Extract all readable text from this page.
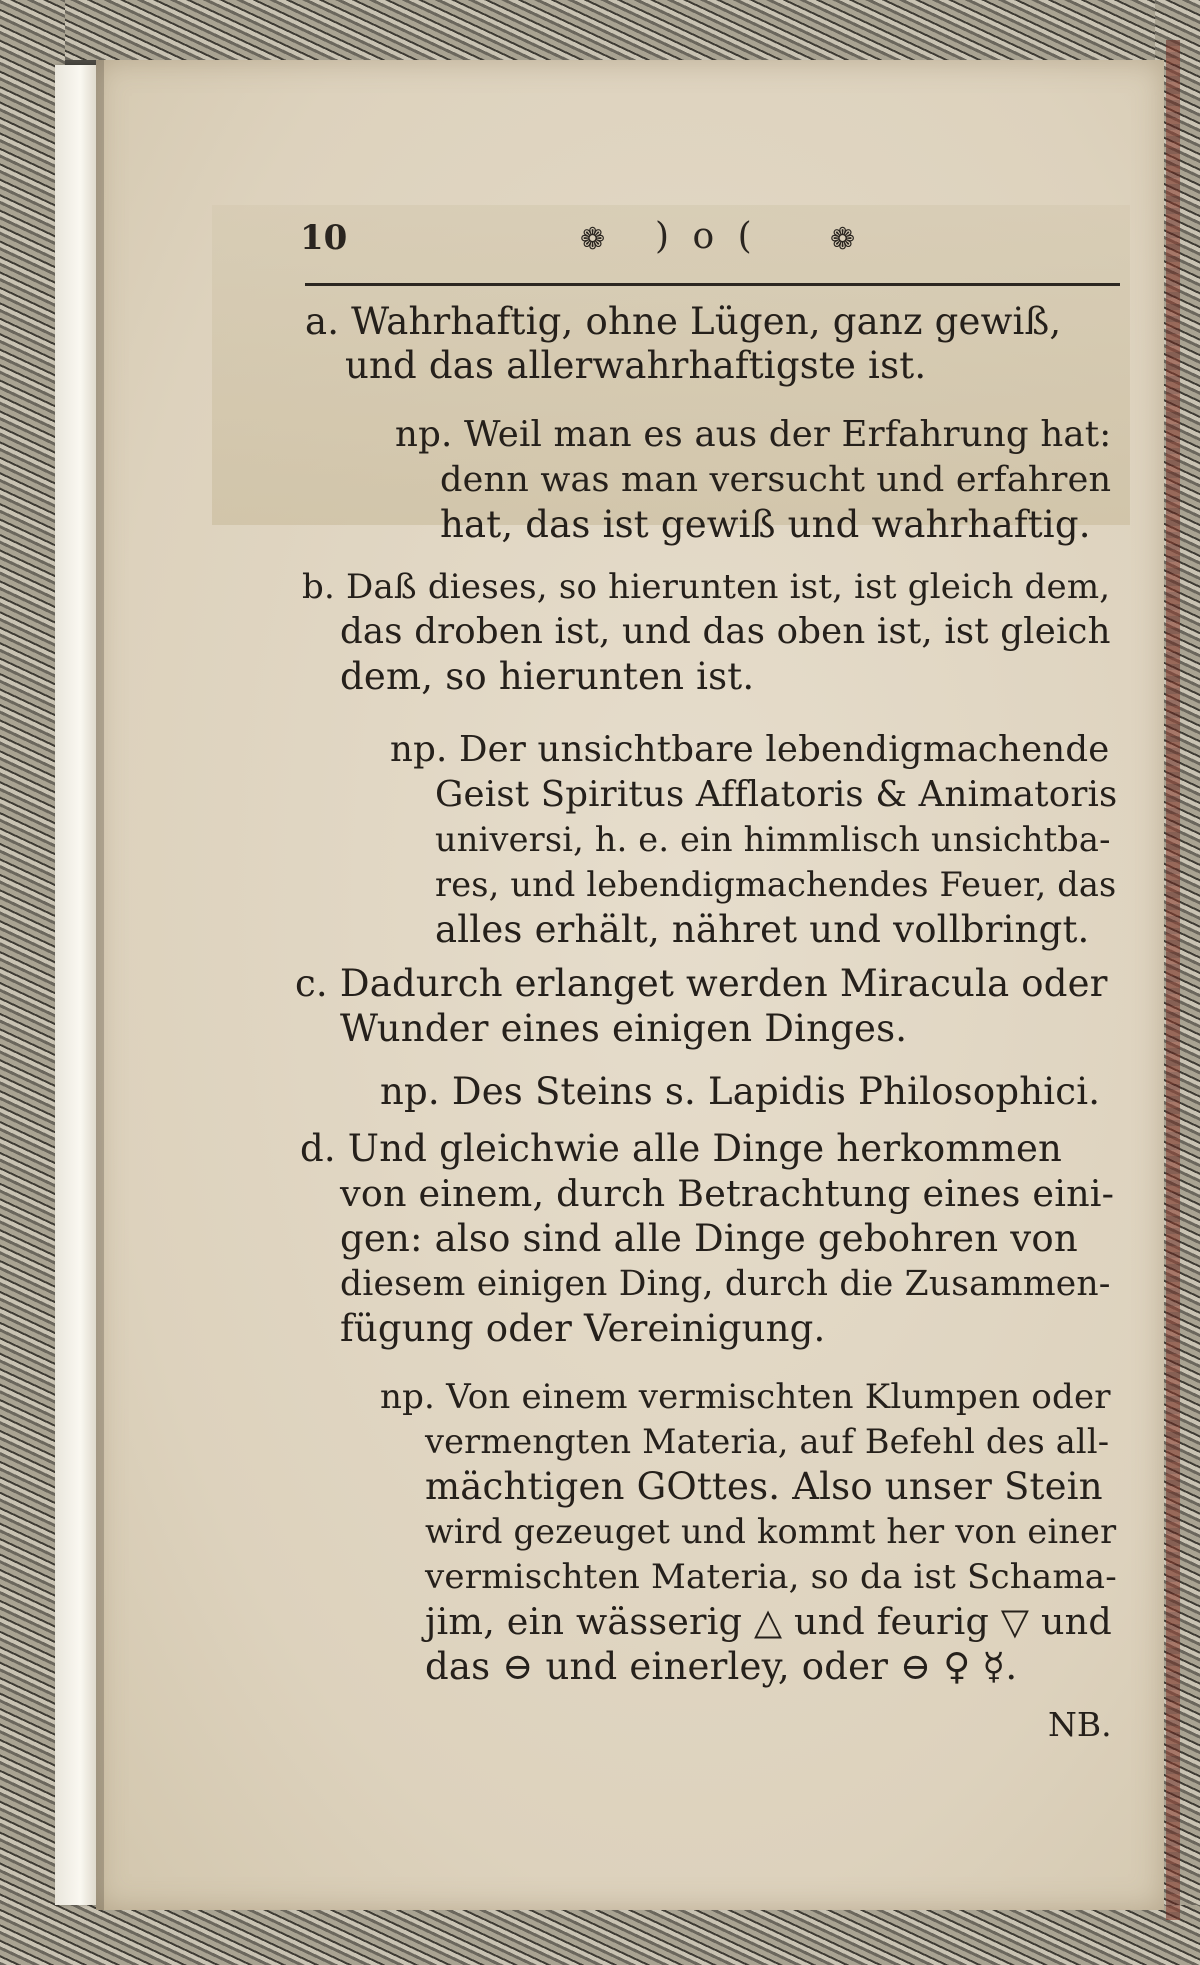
10	❁ ) o ( ❁
a. Wahrhaftig, ohne Lügen, ganz gewiß,
und das allerwahrhaftigste ist.
np. Weil man es aus der Erfahrung hat:
denn was man versucht und erfahren
hat, das ist gewiß und wahrhaftig.
b. Daß dieses, so hierunten ist, ist gleich dem,
das droben ist, und das oben ist, ist gleich
dem, so hierunten ist.
np. Der unsichtbare lebendigmachende
Geist Spiritus Afflatoris & Animatoris
universi, h. e. ein himmlisch unsichtba-
res, und lebendigmachendes Feuer, das
alles erhält, nähret und vollbringt.
c. Dadurch erlanget werden Miracula oder
Wunder eines einigen Dinges.
np. Des Steins s. Lapidis Philosophici.
d. Und gleichwie alle Dinge herkommen
von einem, durch Betrachtung eines eini-
gen: also sind alle Dinge gebohren von
diesem einigen Ding, durch die Zusammen-
fügung oder Vereinigung.
np. Von einem vermischten Klumpen oder
vermengten Materia, auf Befehl des all-
mächtigen GOttes. Also unser Stein
wird gezeuget und kommt her von einer
vermischten Materia, so da ist Schama-
jim, ein wässerig △ und feurig ▽ und
das ⊖ und einerley, oder ⊖ ♀ ☿.
NB.
